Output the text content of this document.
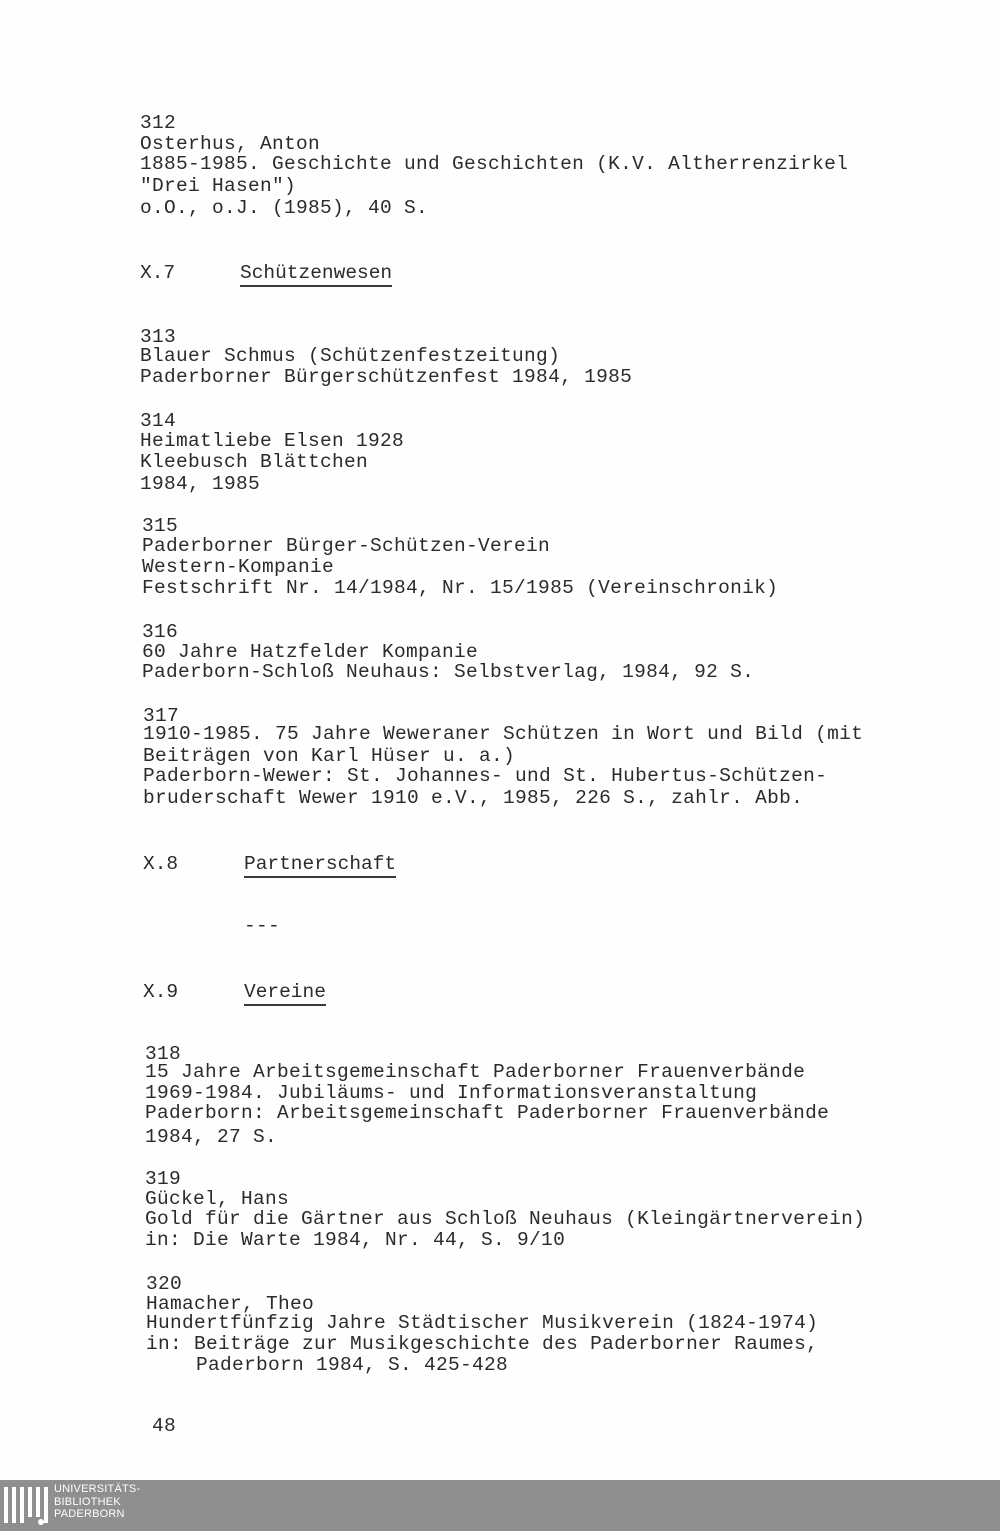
312
Osterhus, Anton
1885-1985. Geschichte und Geschichten (K.V. Altherrenzirkel
"Drei Hasen")
o.O., o.J. (1985), 40 S.
X.7	Schützenwesen
313
Blauer Schmus (Schützenfestzeitung)
Paderborner Bürgerschützenfest 1984, 1985
314
Heimatliebe Elsen 1928
Kleebusch Blättchen
1984, 1985
315
Paderborner Bürger-Schützen-Verein
Western-Kompanie
Festschrift Nr. 14/1984, Nr. 15/1985 (Vereinschronik)
316
60 Jahre Hatzfelder Kompanie
Paderborn-Schloß Neuhaus: Selbstverlag, 1984, 92 S.
317
1910-1985. 75 Jahre Weweraner Schützen in Wort und Bild (mit
Beiträgen von Karl Hüser u. a.)
Paderborn-Wewer: St. Johannes- und St. Hubertus-Schützen-
bruderschaft Wewer 1910 e.V., 1985, 226 S., zahlr. Abb.
X.8	Partnerschaft
---
X.9	Vereine
318
15 Jahre Arbeitsgemeinschaft Paderborner Frauenverbände
1969-1984. Jubiläums- und Informationsveranstaltung
Paderborn: Arbeitsgemeinschaft Paderborner Frauenverbände
1984, 27 S.
319
Gückel, Hans
Gold für die Gärtner aus Schloß Neuhaus (Kleingärtnerverein)
in: Die Warte 1984, Nr. 44, S. 9/10
320
Hamacher, Theo
Hundertfünfzig Jahre Städtischer Musikverein (1824-1974)
in: Beiträge zur Musikgeschichte des Paderborner Raumes,
Paderborn 1984, S. 425-428
48
UNIVERSITÄTS-
BIBLIOTHEK
PADERBORN
